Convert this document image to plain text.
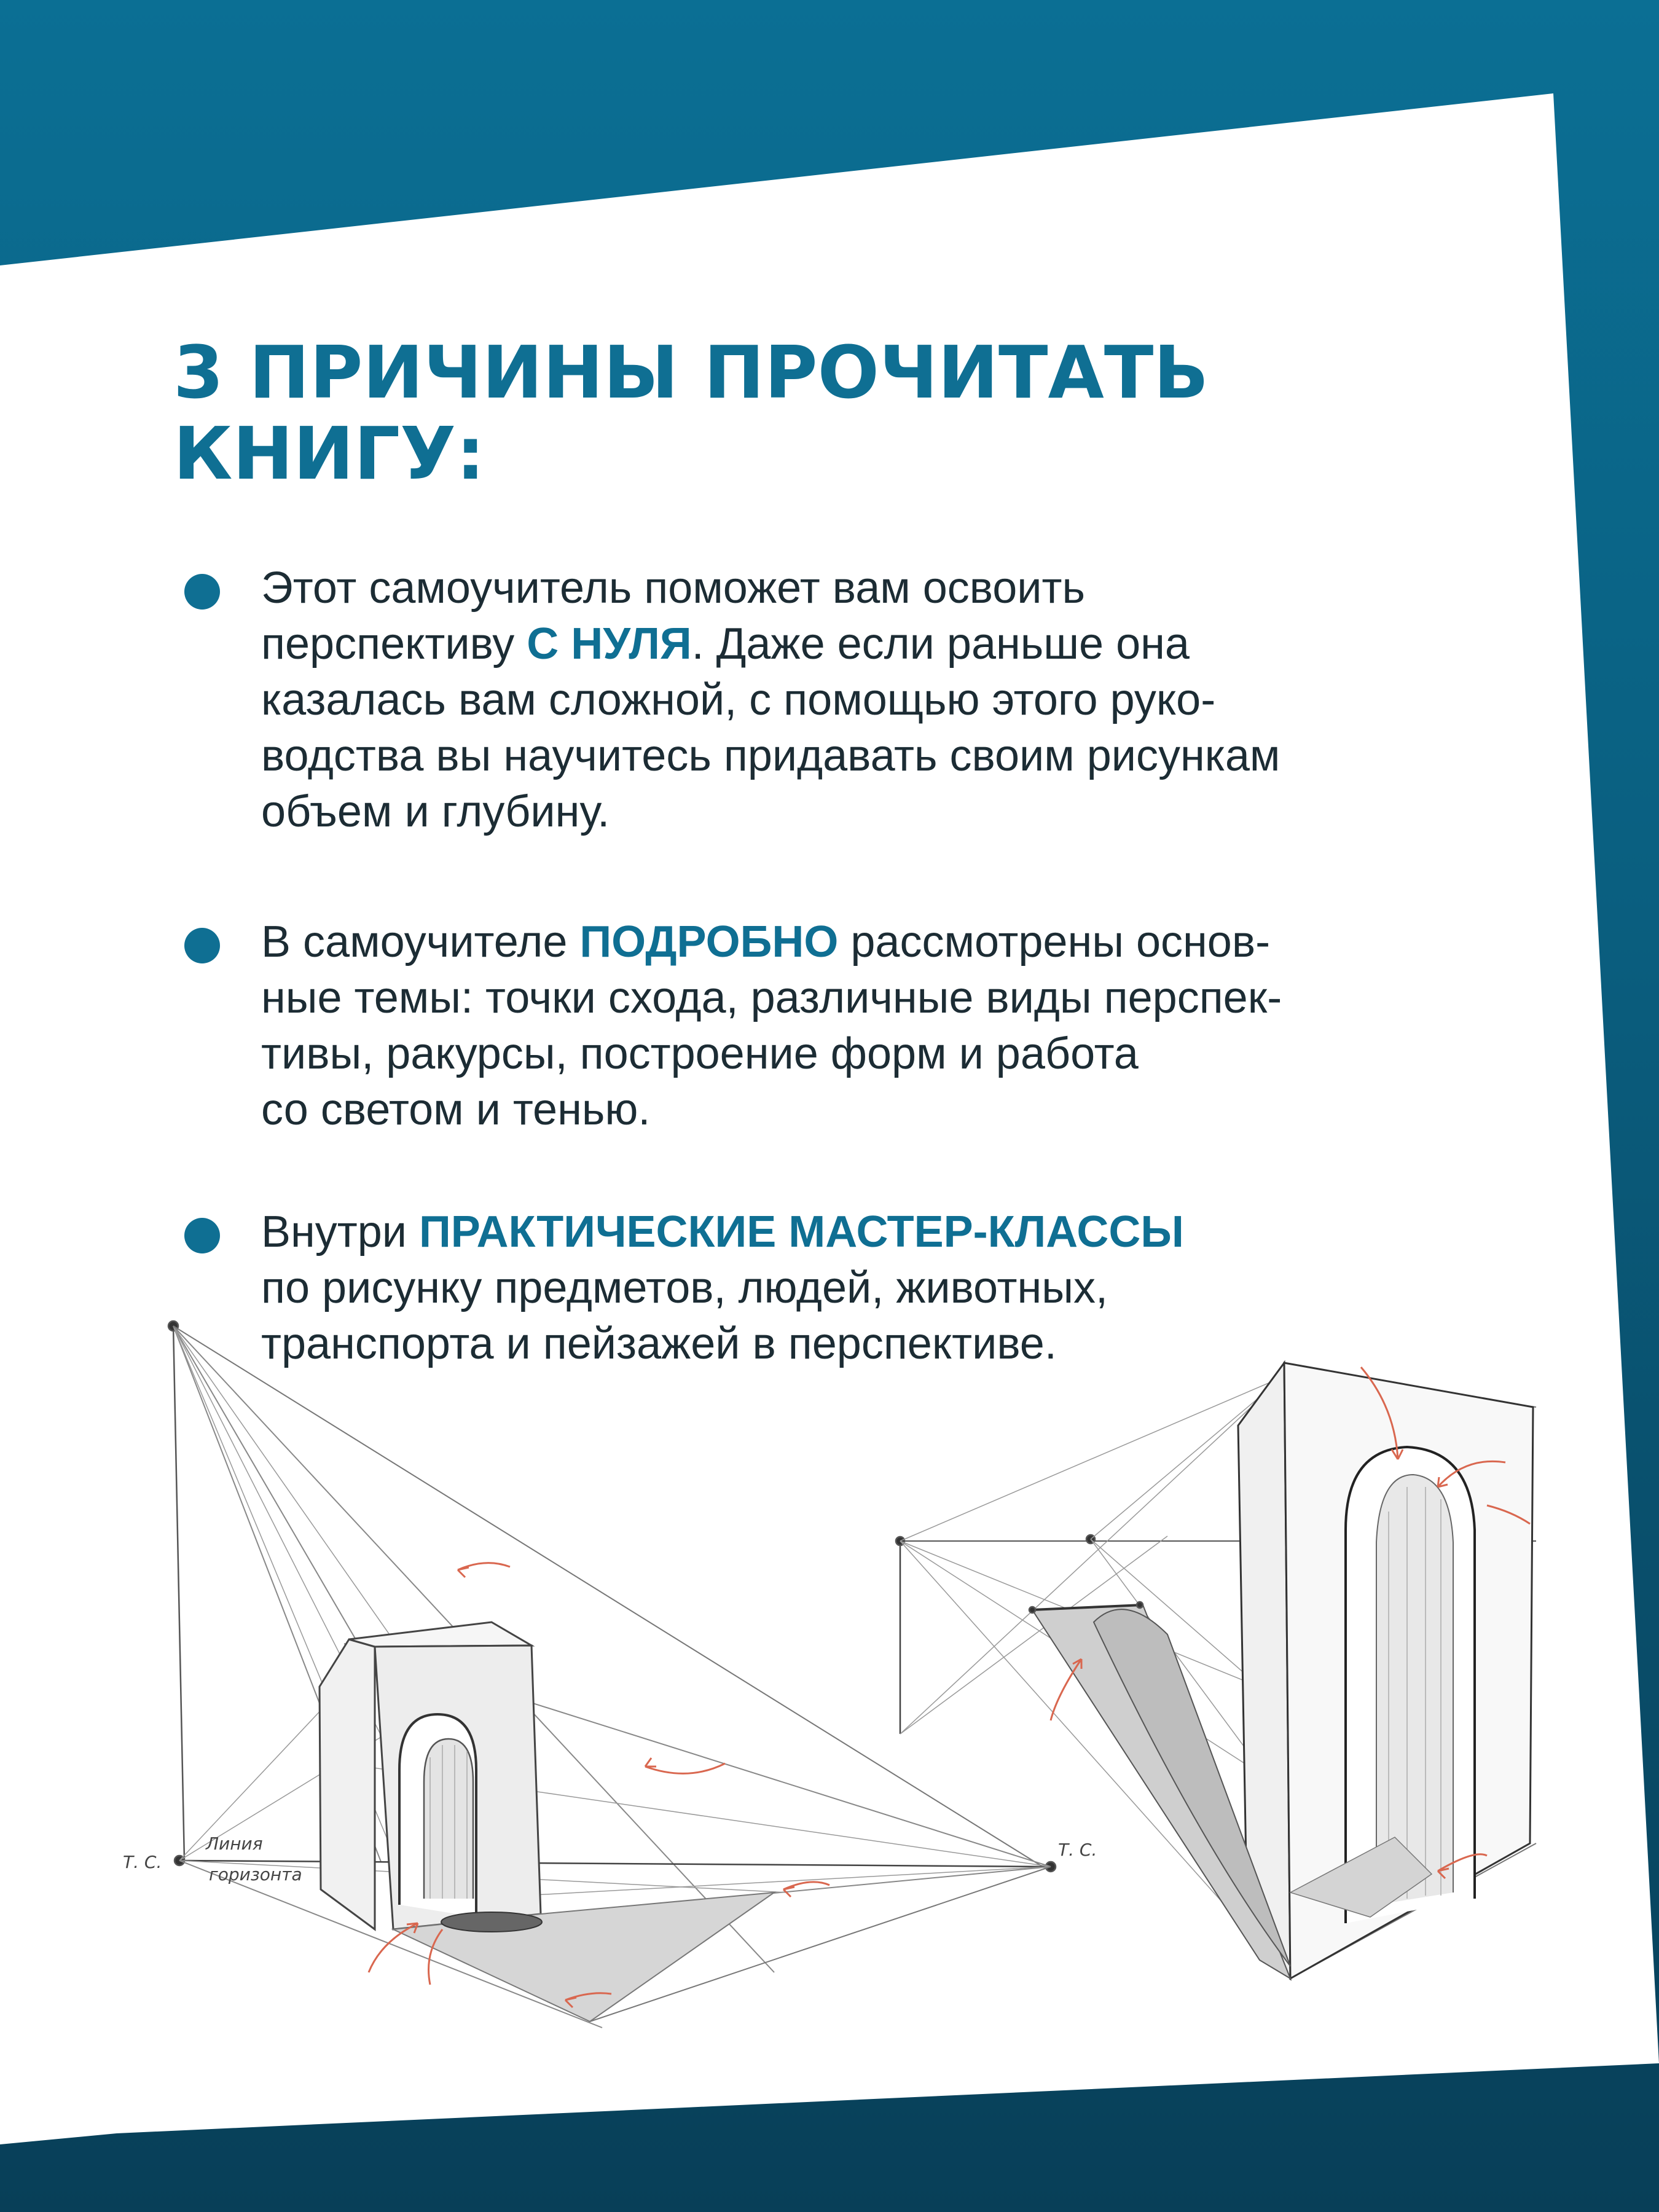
Т. С.
Т. С.
Линия
горизонта
3 ПРИЧИНЫ ПРОЧИТАТЬ
КНИГУ:
Этот самоучитель поможет вам освоить
перспективу С НУЛЯ. Даже если раньше она
казалась вам сложной, с помощью этого руко-
водства вы научитесь придавать своим рисункам
объем и глубину.
В самоучителе ПОДРОБНО рассмотрены основ-
ные темы: точки схода, различные виды перспек-
тивы, ракурсы, построение форм и работа
со светом и тенью.
Внутри ПРАКТИЧЕСКИЕ МАСТЕР-КЛАССЫ
по рисунку предметов, людей, животных,
транспорта и пейзажей в перспективе.
